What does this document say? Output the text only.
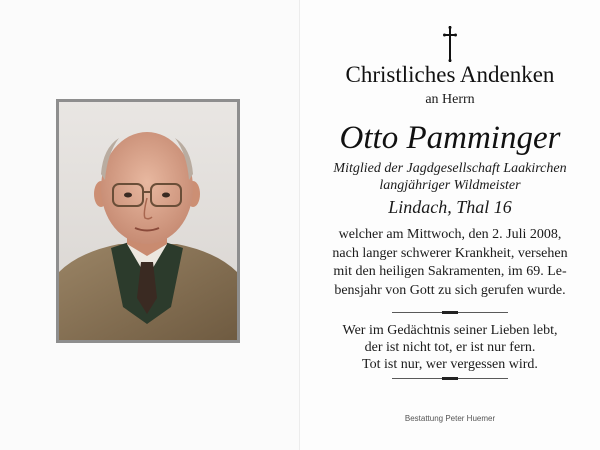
Christliches Andenken
an Herrn
Otto Pamminger
Mitglied der Jagdgesellschaft Laakirchen
langjähriger Wildmeister
Lindach, Thal 16
welcher am Mittwoch, den 2. Juli 2008,
nach langer schwerer Krankheit, versehen
mit den heiligen Sakramenten, im 69. Le-
bensjahr von Gott zu sich gerufen wurde.
Wer im Gedächtnis seiner Lieben lebt,
der ist nicht tot, er ist nur fern.
Tot ist nur, wer vergessen wird.
Bestattung Peter Huemer
